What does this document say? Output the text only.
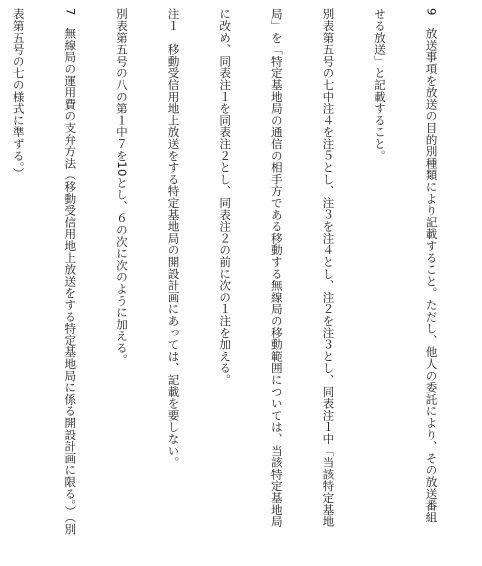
9　放送事項を放送の目的別種類により記載すること。ただし、他人の委託により、その放送番組

せる放送」と記載すること。

別表第五号の七中注４を注５とし、注３を注４とし、注２を注３とし、同表注１中「当該特定基地

局」を「特定基地局の通信の相手方である移動する無線局の移動範囲については、当該特定基地局

に改め、同表注１を同表注２とし、同表注２の前に次の１注を加える。

注１　移動受信用地上放送をする特定基地局の開設計画にあっては、記載を要しない。

別表第五号の八の第１中７を10とし、６の次に次のように加える。

7　無線局の運用費の支弁方法（移動受信用地上放送をする特定基地局に係る開設計画に限る。）（別

表第五号の七の様式に準ずる。）
